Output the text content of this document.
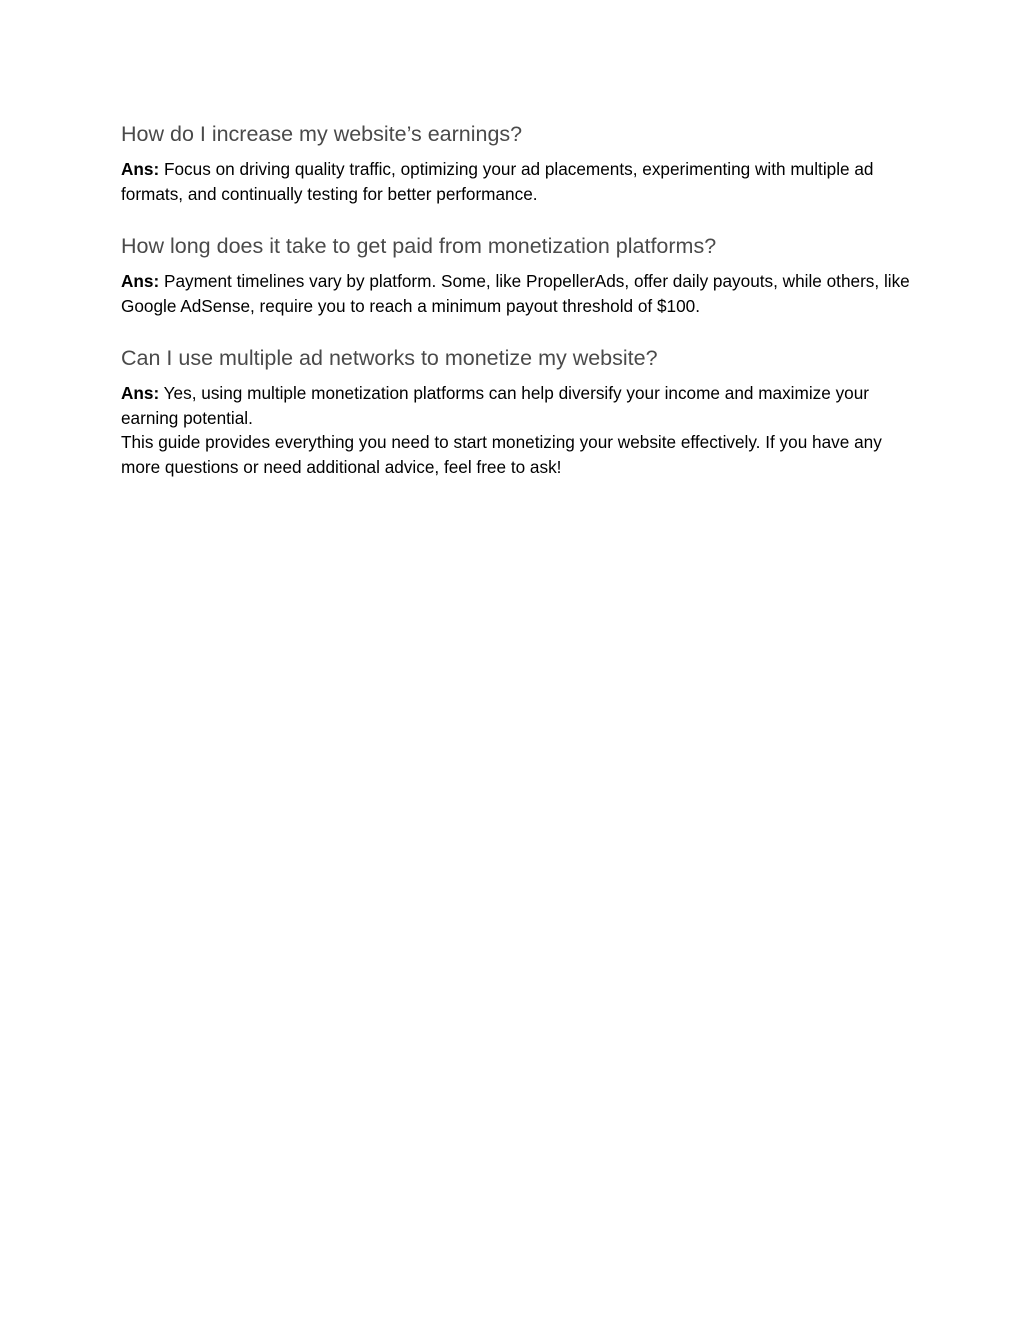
How do I increase my website’s earnings?

Ans: Focus on driving quality traffic, optimizing your ad placements, experimenting with multiple ad formats, and continually testing for better performance.

How long does it take to get paid from monetization platforms?

Ans: Payment timelines vary by platform. Some, like PropellerAds, offer daily payouts, while others, like Google AdSense, require you to reach a minimum payout threshold of $100.

Can I use multiple ad networks to monetize my website?

Ans: Yes, using multiple monetization platforms can help diversify your income and maximize your earning potential.

This guide provides everything you need to start monetizing your website effectively. If you have any more questions or need additional advice, feel free to ask!
